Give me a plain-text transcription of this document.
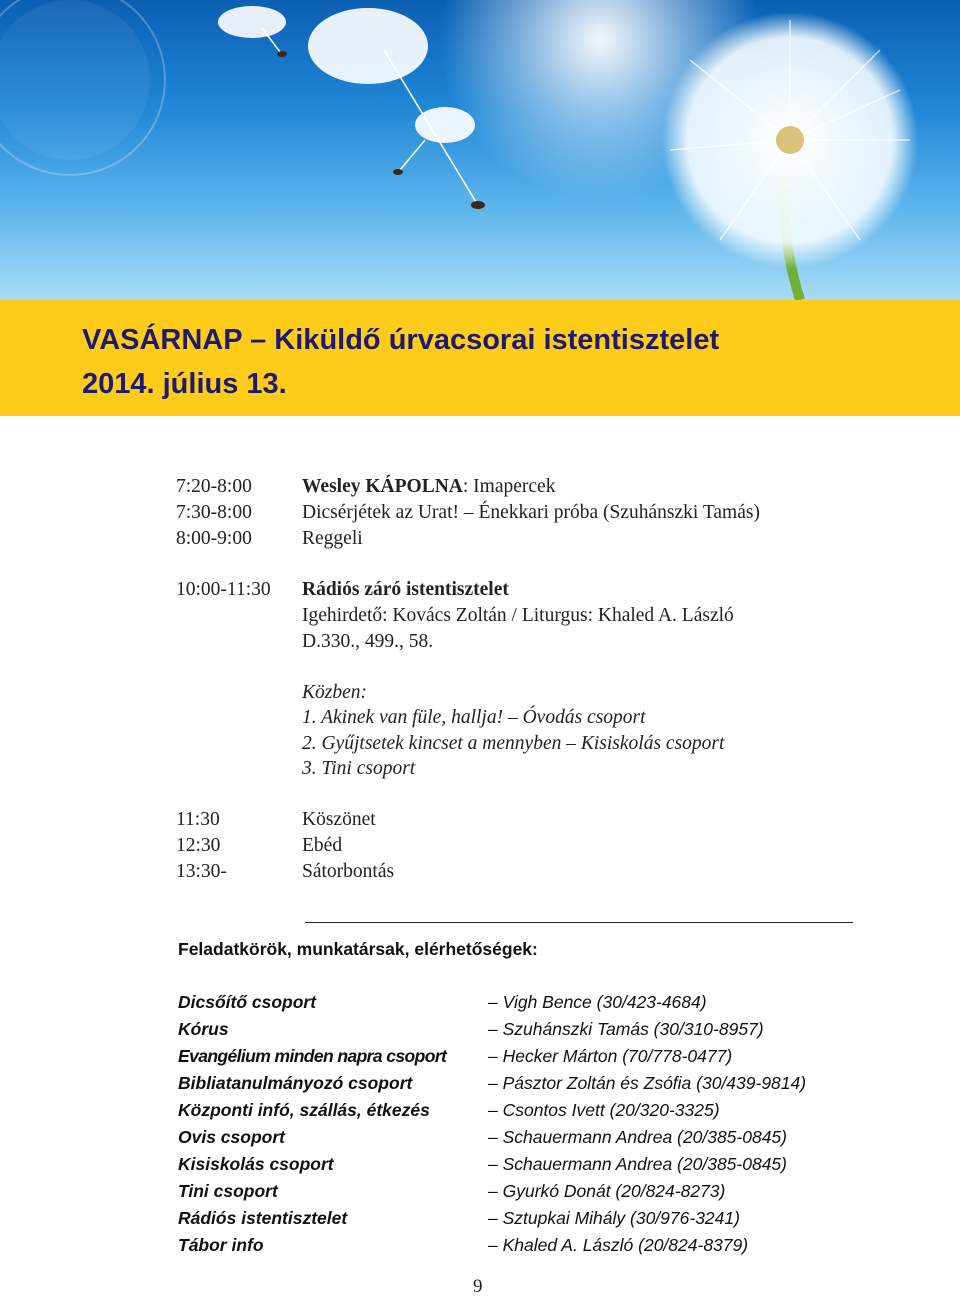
VASÁRNAP – Kiküldő úrvacsorai istentisztelet
2014. július 13.
7:20-8:00	Wesley KÁPOLNA: Imapercek
7:30-8:00	Dicsérjétek az Urat! – Énekkari próba (Szuhánszki Tamás)
8:00-9:00	Reggeli
10:00-11:30 Rádiós záró istentisztelet
Igehirdető: Kovács Zoltán / Liturgus: Khaled A. László
D.330., 499., 58.
Közben:
1. Akinek van füle, hallja! – Óvodás csoport
2. Gyűjtsetek kincset a mennyben – Kisiskolás csoport
3. Tini csoport
11:30	Köszönet
12:30	Ebéd
13:30-	Sátorbontás
Feladatkörök, munkatársak, elérhetőségek:
Dicsőítő csoport	– Vigh Bence (30/423-4684)
Kórus	– Szuhánszki Tamás (30/310-8957)
Evangélium minden napra csoport – Hecker Márton (70/778-0477)
Bibliatanulmányozó csoport	– Pásztor Zoltán és Zsófia (30/439-9814)
Központi infó, szállás, étkezés	– Csontos Ivett (20/320-3325)
Ovis csoport	– Schauermann Andrea (20/385-0845)
Kisiskolás csoport	– Schauermann Andrea (20/385-0845)
Tini csoport	– Gyurkó Donát (20/824-8273)
Rádiós istentisztelet	– Sztupkai Mihály (30/976-3241)
Tábor info	– Khaled A. László (20/824-8379)
9
